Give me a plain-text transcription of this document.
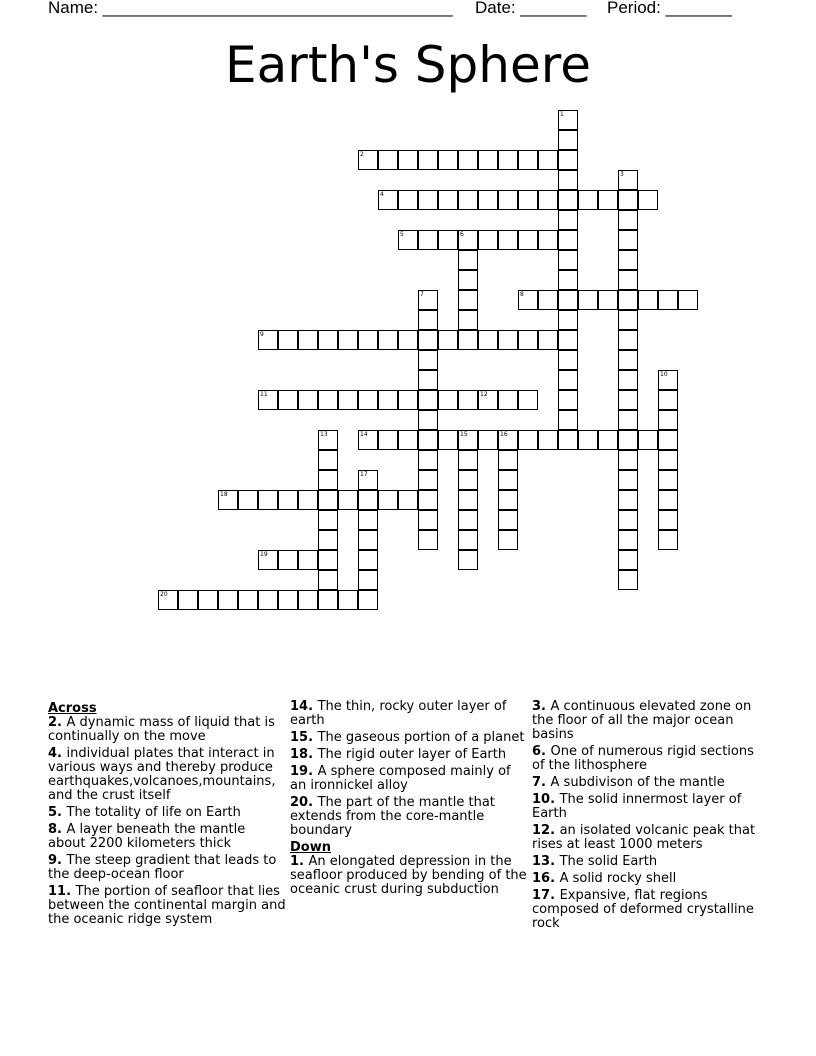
Name: _____________________________________ Date: _______ Period: _______
Earth's Sphere
1
2
3
4
5	6
7	8
9
10
11	12
13	14	15	16
17
18
19
20
Across
2. A dynamic mass of liquid that is continually on the move
4. individual plates that interact in various ways and thereby produce earthquakes,volcanoes,mountains, and the crust itself
5. The totality of life on Earth
8. A layer beneath the mantle about 2200 kilometers thick
9. The steep gradient that leads to the deep-ocean floor
11. The portion of seafloor that lies between the continental margin and the oceanic ridge system
14. The thin, rocky outer layer of earth
15. The gaseous portion of a planet
18. The rigid outer layer of Earth
19. A sphere composed mainly of an ironnickel alloy
20. The part of the mantle that extends from the core-mantle boundary
Down
1. An elongated depression in the seafloor produced by bending of the oceanic crust during subduction
3. A continuous elevated zone on the floor of all the major ocean basins
6. One of numerous rigid sections of the lithosphere
7. A subdivison of the mantle
10. The solid innermost layer of Earth
12. an isolated volcanic peak that rises at least 1000 meters
13. The solid Earth
16. A solid rocky shell
17. Expansive, flat regions composed of deformed crystalline rock
